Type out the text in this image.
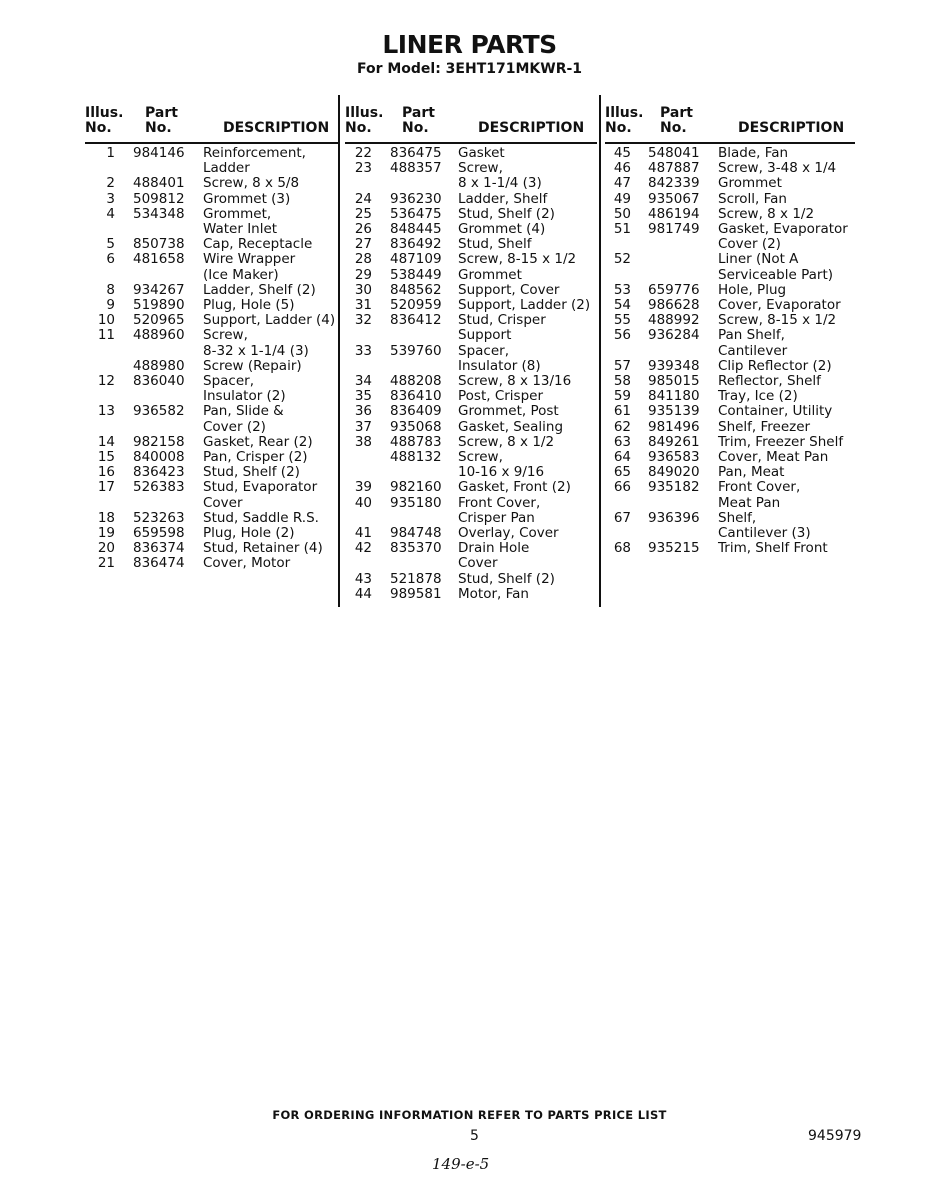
LINER PARTS
For Model: 3EHT171MKWR-1
Illus.
No.
Part
No.	DESCRIPTION
1 984146	Reinforcement,
Ladder
2 488401	Screw, 8 x 5/8
3 509812	Grommet (3)
4 534348	Grommet,
Water Inlet
5 850738	Cap, Receptacle
6 481658	Wire Wrapper
(Ice Maker)
8 934267	Ladder, Shelf (2)
9 519890	Plug, Hole (5)
10 520965	Support, Ladder (4)
11 488960	Screw,
8-32 x 1-1/4 (3)
488980	Screw (Repair)
12 836040	Spacer,
Insulator (2)
13 936582	Pan, Slide &
Cover (2)
14 982158	Gasket, Rear (2)
15 840008	Pan, Crisper (2)
16 836423	Stud, Shelf (2)
17 526383	Stud, Evaporator
Cover
18 523263	Stud, Saddle R.S.
19 659598	Plug, Hole (2)
20 836374	Stud, Retainer (4)
21 836474	Cover, Motor
Illus.
No.
Part
No.	DESCRIPTION
22 836475	Gasket
23 488357	Screw,
8 x 1-1/4 (3)
24 936230	Ladder, Shelf
25 536475	Stud, Shelf (2)
26 848445	Grommet (4)
27 836492	Stud, Shelf
28 487109	Screw, 8-15 x 1/2
29 538449	Grommet
30 848562	Support, Cover
31 520959	Support, Ladder (2)
32 836412	Stud, Crisper
Support
33 539760	Spacer,
Insulator (8)
34 488208	Screw, 8 x 13/16
35 836410	Post, Crisper
36 836409	Grommet, Post
37 935068	Gasket, Sealing
38 488783	Screw, 8 x 1/2
488132	Screw,
10-16 x 9/16
39 982160	Gasket, Front (2)
40 935180	Front Cover,
Crisper Pan
41 984748	Overlay, Cover
42 835370	Drain Hole
Cover
43 521878	Stud, Shelf (2)
44 989581	Motor, Fan
Illus.
No.
Part
No.	DESCRIPTION
45 548041	Blade, Fan
46 487887	Screw, 3-48 x 1/4
47 842339	Grommet
49 935067	Scroll, Fan
50 486194	Screw, 8 x 1/2
51 981749	Gasket, Evaporator
Cover (2)
52	Liner (Not A
Serviceable Part)
53 659776	Hole, Plug
54 986628	Cover, Evaporator
55 488992	Screw, 8-15 x 1/2
56 936284	Pan Shelf,
Cantilever
57 939348	Clip Reflector (2)
58 985015	Reflector, Shelf
59 841180	Tray, Ice (2)
61 935139	Container, Utility
62 981496	Shelf, Freezer
63 849261	Trim, Freezer Shelf
64 936583	Cover, Meat Pan
65 849020	Pan, Meat
66 935182	Front Cover,
Meat Pan
67 936396	Shelf,
Cantilever (3)
68 935215	Trim, Shelf Front
FOR ORDERING INFORMATION REFER TO PARTS PRICE LIST
5	945979
149-e-5
